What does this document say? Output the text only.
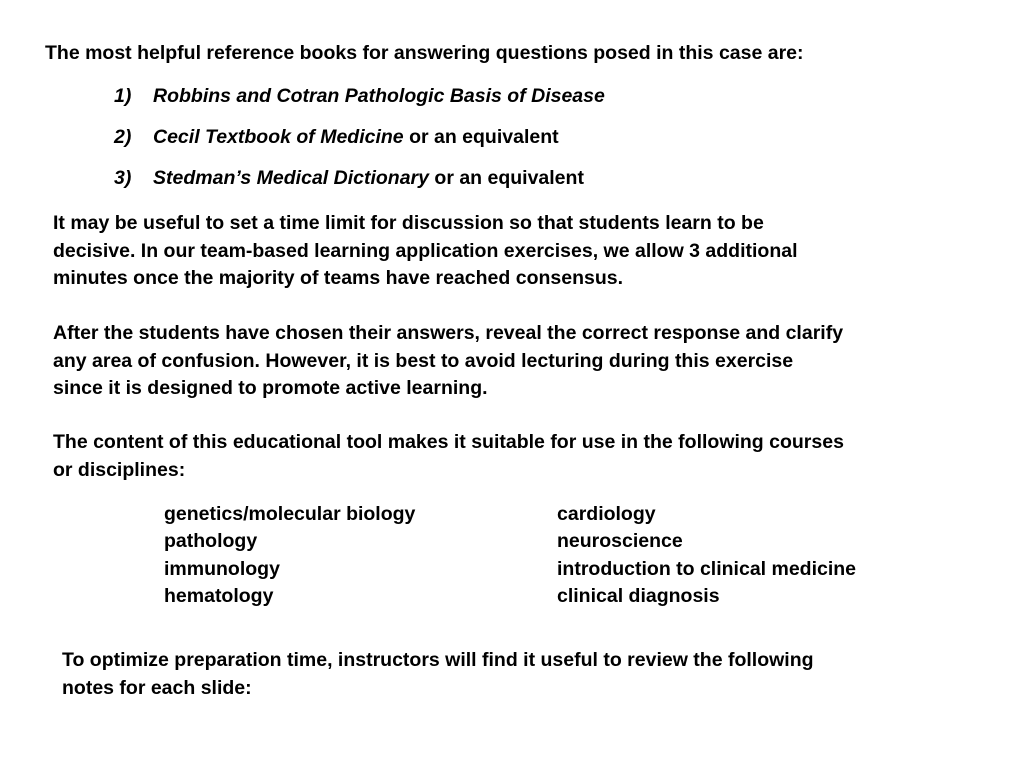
The most helpful reference books for answering questions posed in this case are:
1) Robbins and Cotran Pathologic Basis of Disease
2) Cecil Textbook of Medicine or an equivalent
3) Stedman’s Medical Dictionary or an equivalent
It may be useful to set a time limit for discussion so that students learn to be
decisive. In our team-based learning application exercises, we allow 3 additional
minutes once the majority of teams have reached consensus.
After the students have chosen their answers, reveal the correct response and clarify
any area of confusion. However, it is best to avoid lecturing during this exercise
since it is designed to promote active learning.
The content of this educational tool makes it suitable for use in the following courses
or disciplines:
genetics/molecular biology
pathology
immunology
hematology
cardiology
neuroscience
introduction to clinical medicine
clinical diagnosis
To optimize preparation time, instructors will find it useful to review the following
notes for each slide:
